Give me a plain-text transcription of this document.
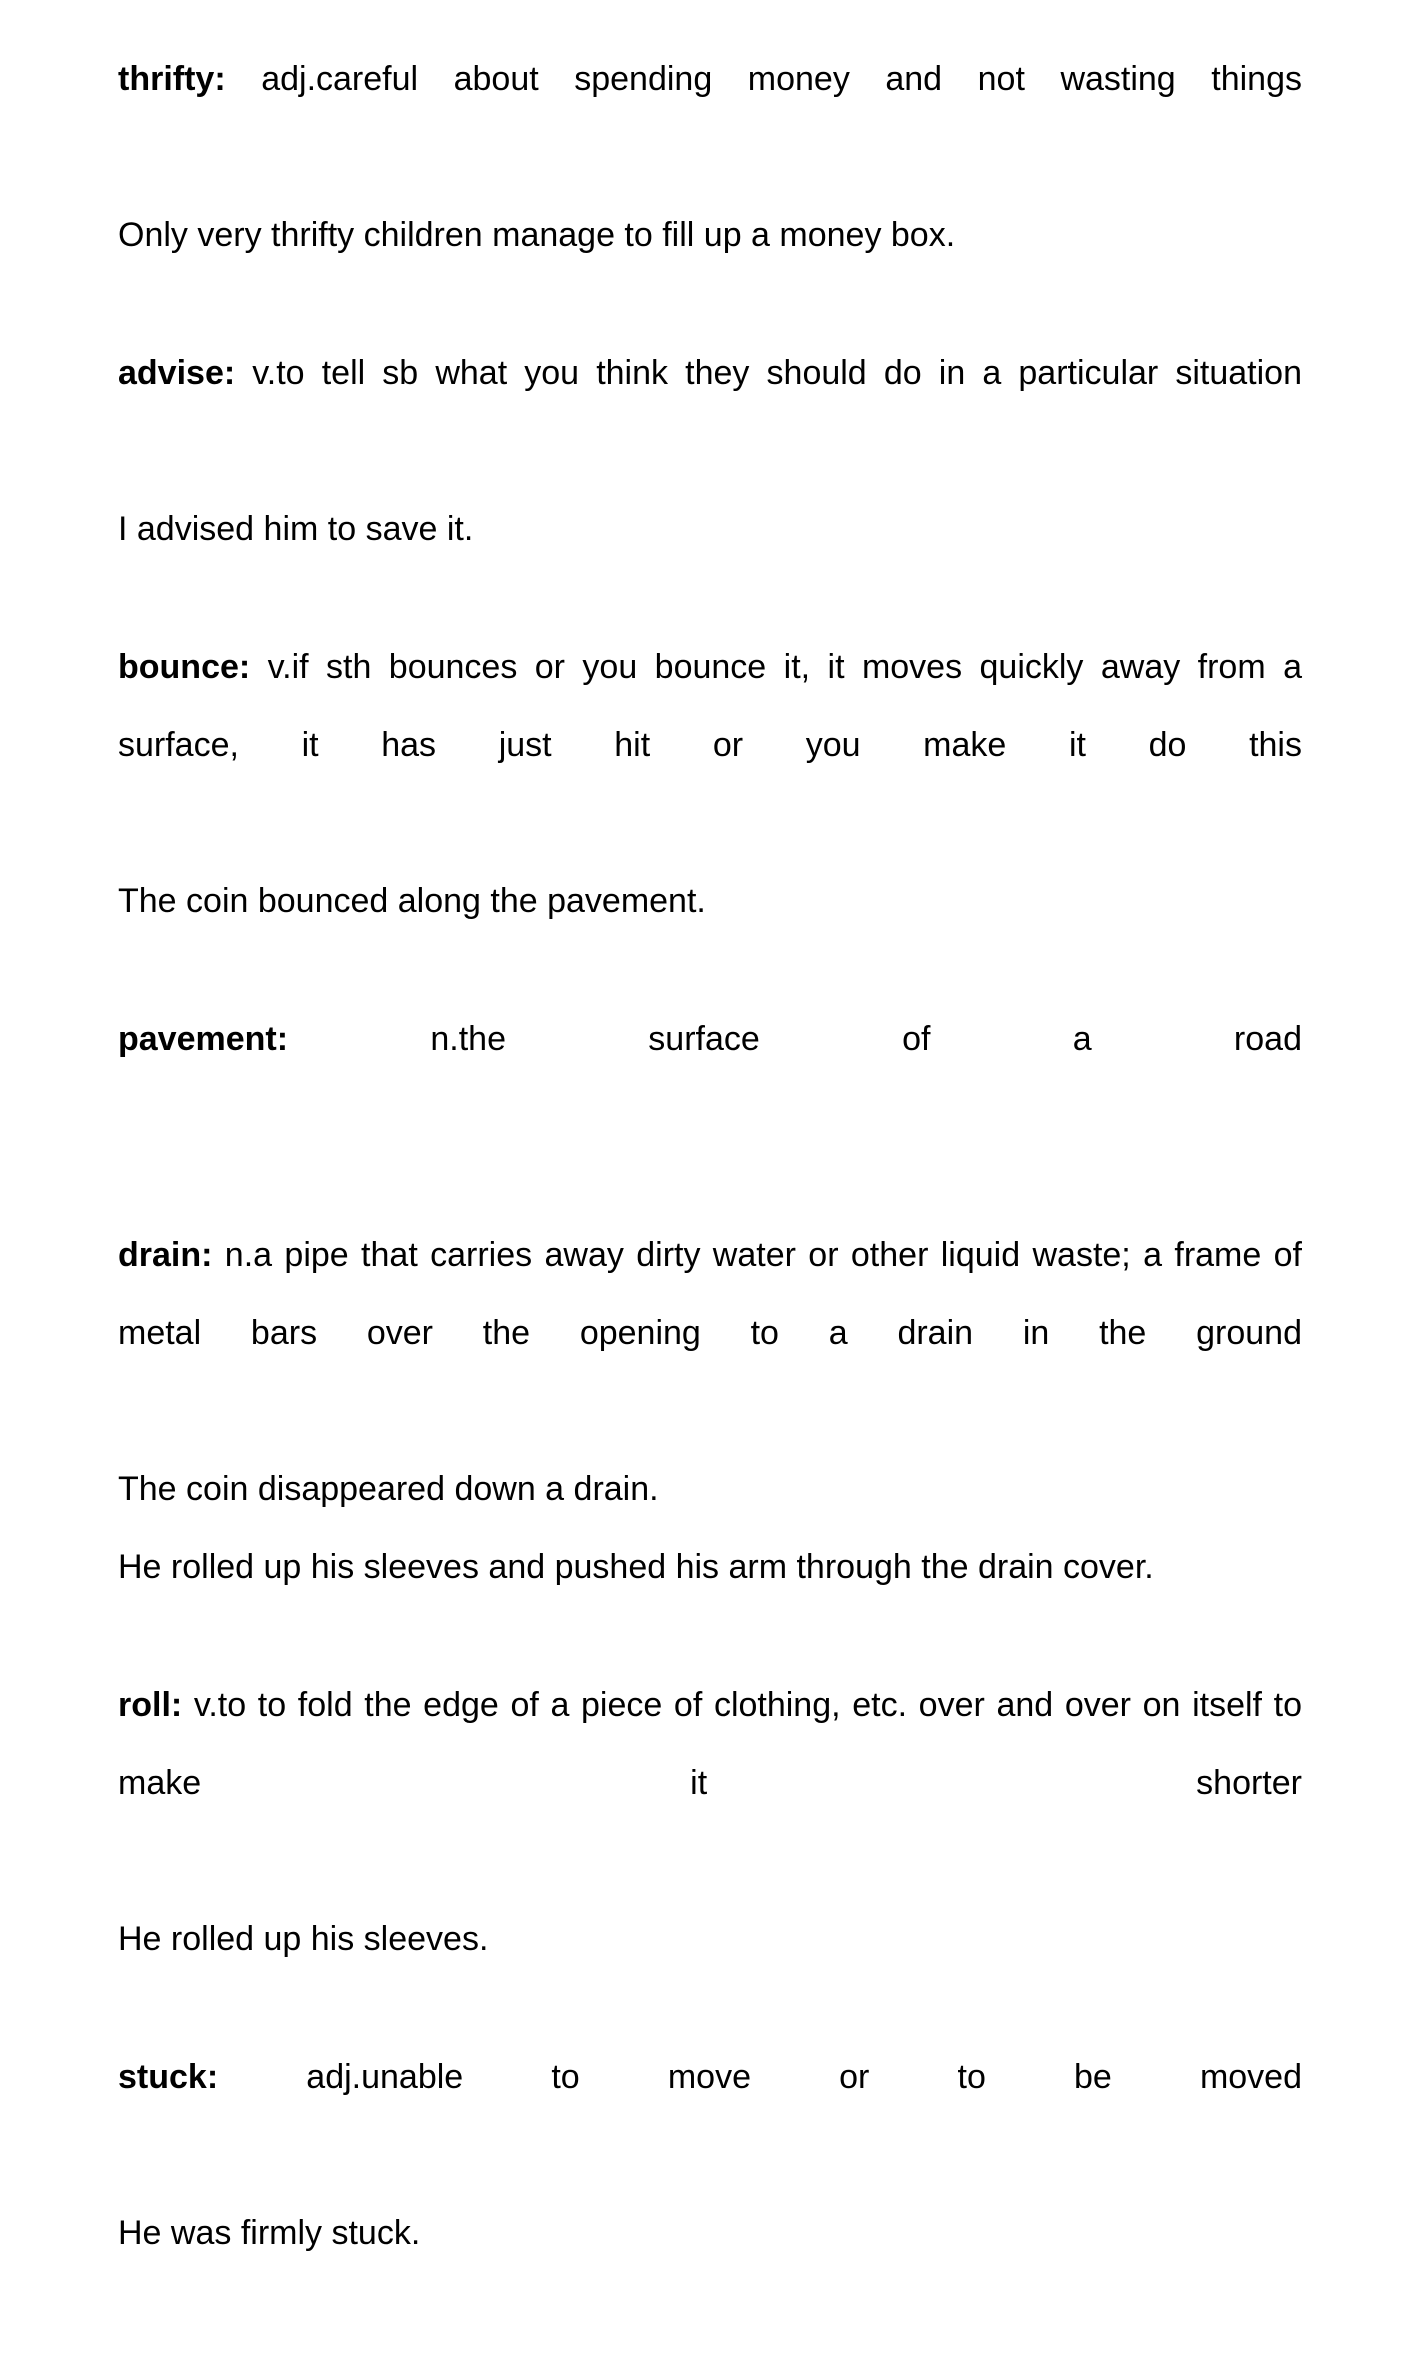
thrifty: adj.careful about spending money and not wasting things

Only very thrifty children manage to fill up a money box.

advise: v.to tell sb what you think they should do in a particular situation

I advised him to save it.

bounce: v.if sth bounces or you bounce it, it moves quickly away from a surface, it has just hit or you make it do this

The coin bounced along the pavement.

pavement: n.the surface of a road

drain: n.a pipe that carries away dirty water or other liquid waste; a frame of metal bars over the opening to a drain in the ground

The coin disappeared down a drain.

He rolled up his sleeves and pushed his arm through the drain cover.

roll: v.to to fold the edge of a piece of clothing, etc. over and over on itself to make it shorter

He rolled up his sleeves.

stuck: adj.unable to move or to be moved

He was firmly stuck.
